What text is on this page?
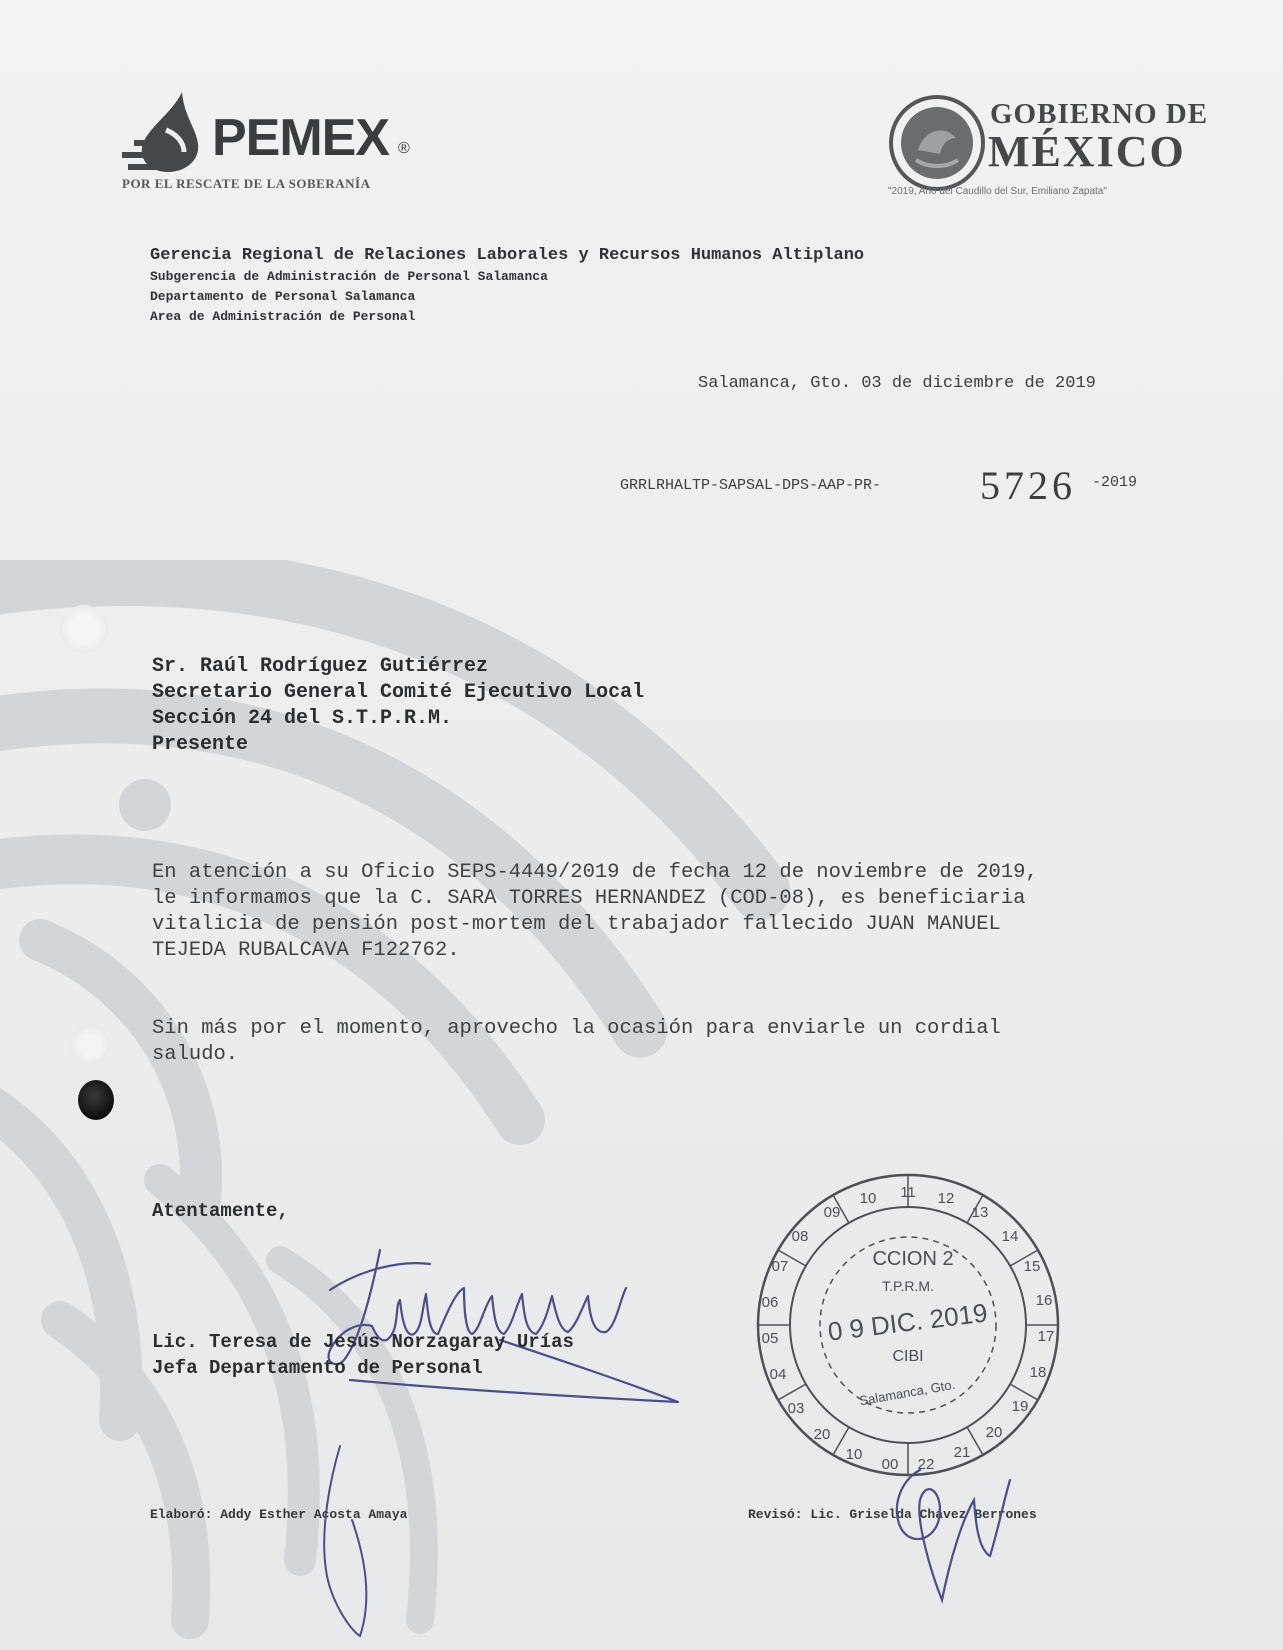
PEMEX ®
POR EL RESCATE DE LA SOBERANÍA
GOBIERNO DE
MÉXICO
"2019, Año del Caudillo del Sur, Emiliano Zapata"
Gerencia Regional de Relaciones Laborales y Recursos Humanos Altiplano
Subgerencia de Administración de Personal Salamanca
Departamento de Personal Salamanca
Area de Administración de Personal
Salamanca, Gto. 03 de diciembre de 2019
GRRLRHALTP-SAPSAL-DPS-AAP-PR- 5726 -2019
Sr. Raúl Rodríguez Gutiérrez
Secretario General Comité Ejecutivo Local
Sección 24 del S.T.P.R.M.
Presente
En atención a su Oficio SEPS-4449/2019 de fecha 12 de noviembre de 2019,
le informamos que la C. SARA TORRES HERNANDEZ (COD-08), es beneficiaria
vitalicia de pensión post-mortem del trabajador fallecido JUAN MANUEL
TEJEDA RUBALCAVA F122762.
Sin más por el momento, aprovecho la ocasión para enviarle un cordial
saludo.
Atentamente,
Lic. Teresa de Jesús Norzagaray Urías
Jefa Departamento de Personal
11 12
13
14
15
16
17
18
19
20
21
22
00
10
20
03
04
05
06
07
08
09
10
CCION 2
T.P.R.M.
0 9 DIC. 2019
CIBI
Salamanca, Gto.
Elaboró: Addy Esther Acosta Amaya	Revisó: Lic. Griselda Chávez Berrones
